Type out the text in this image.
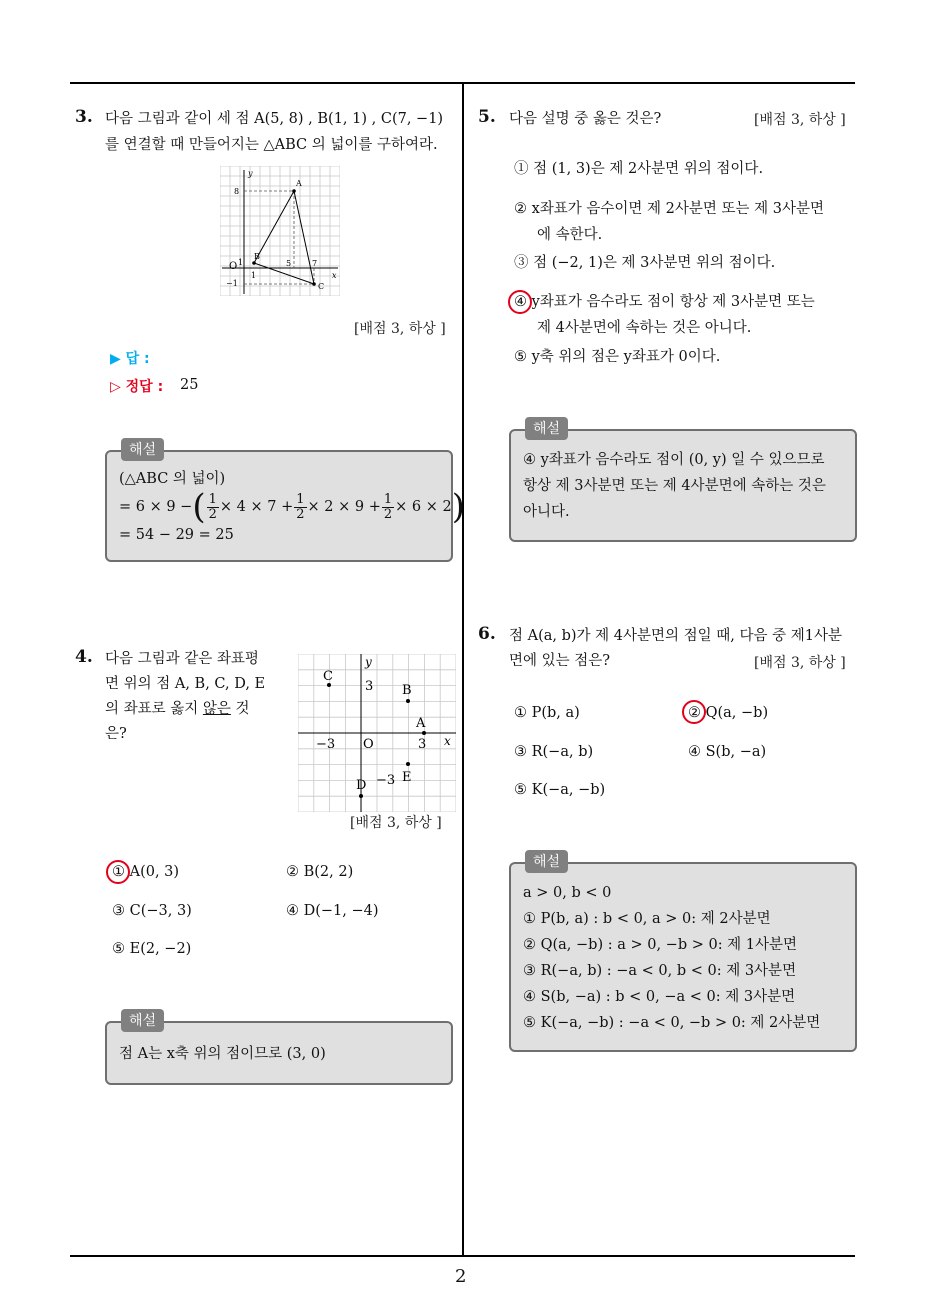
2
3. 다음 그림과 같이 세 점 A(5, 8) , B(1, 1) , C(7, −1)
를 연결할 때 만들어지는 △ABC 의 넓이를 구하여라.
y
x
O
8
1
−1
1
5	7
A
B
C
[배점 3, 하상 ]
▶ 답 :
▷ 정답 : 25
해설
(△ABC 의 넓이)
= 6 × 9 −( $\frac{1}{2} \times 4 \times 7 + \frac{1}{2} \times 2 \times 9 + \frac{1}{2} \times 6 \times 2$)
= 54 − 29 = 25
4. 다음 그림과 같은 좌표평
면 위의 점 A, B, C, D, E
의 좌표로 옳지 않은 것
은?
y
x
O
3
−3
−3	3
A
B
C
D
E
[배점 3, 하상 ]
① A(0, 3)	② B(2, 2)
③ C(−3, 3)	④ D(−1, −4)
⑤ E(2, −2)
해설
점 A는 x축 위의 점이므로 (3, 0)
5. 다음 설명 중 옳은 것은?	[배점 3, 하상 ]
① 점 (1, 3)은 제 2사분면 위의 점이다.
② x좌표가 음수이면 제 2사분면 또는 제 3사분면
에 속한다.
③ 점 (−2, 1)은 제 3사분면 위의 점이다.
④ y좌표가 음수라도 점이 항상 제 3사분면 또는
제 4사분면에 속하는 것은 아니다.
⑤ y축 위의 점은 y좌표가 0이다.
해설
④ y좌표가 음수라도 점이 (0, y) 일 수 있으므로
항상 제 3사분면 또는 제 4사분면에 속하는 것은
아니다.
6. 점 A(a, b)가 제 4사분면의 점일 때, 다음 중 제1사분
면에 있는 점은?	[배점 3, 하상 ]
① P(b, a)	② Q(a, −b)
③ R(−a, b)	④ S(b, −a)
⑤ K(−a, −b)
해설
a > 0, b < 0
① P(b, a) : b < 0, a > 0: 제 2사분면
② Q(a, −b) : a > 0, −b > 0: 제 1사분면
③ R(−a, b) : −a < 0, b < 0: 제 3사분면
④ S(b, −a) : b < 0, −a < 0: 제 3사분면
⑤ K(−a, −b) : −a < 0, −b > 0: 제 2사분면
